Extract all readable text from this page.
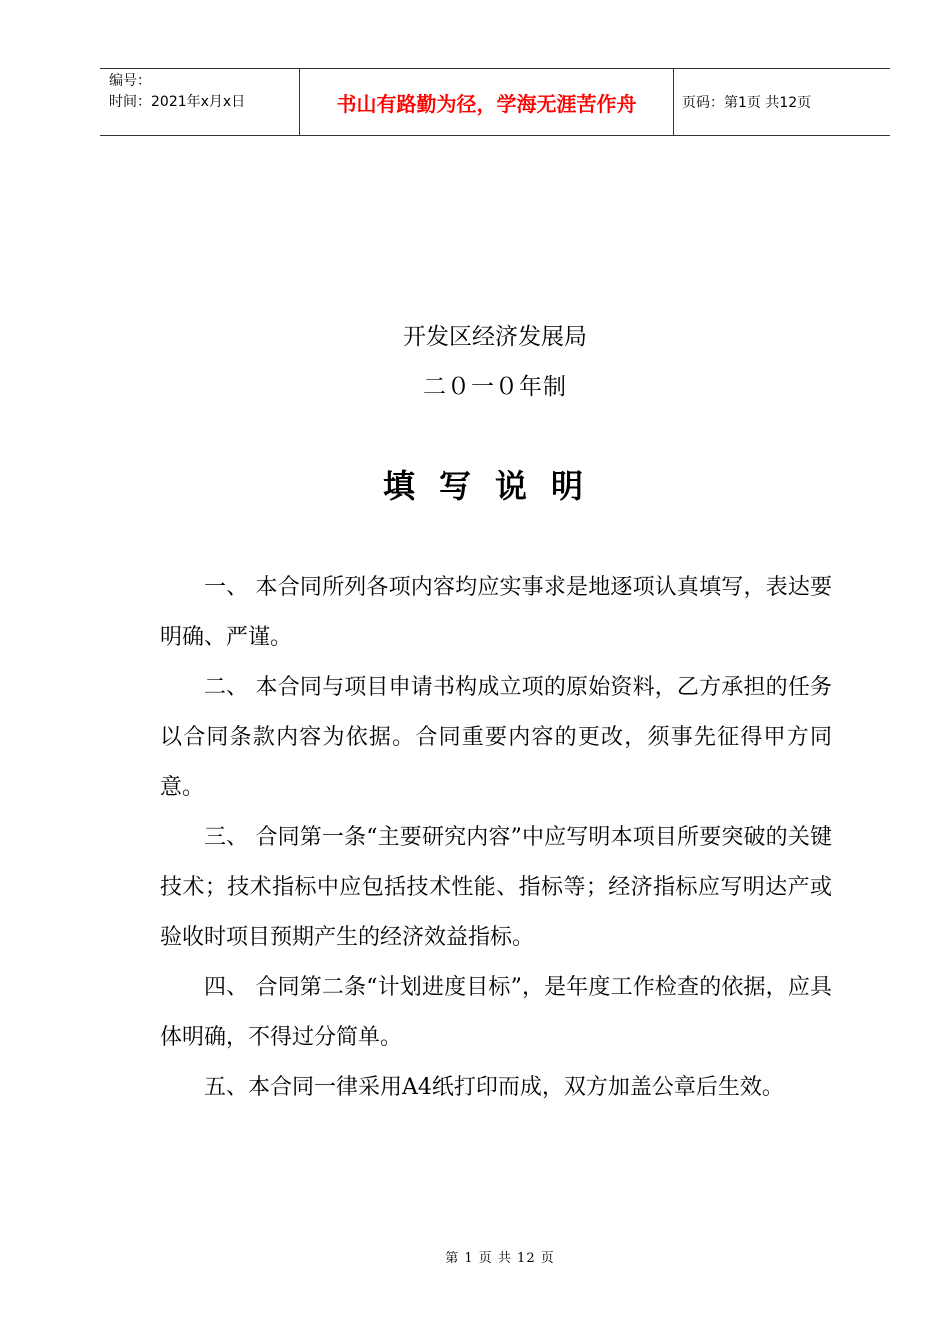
编号：
时间：2021年x月x日	书山有路勤为径，学海无涯苦作舟	页码：第1页 共12页
开发区经济发展局
二０一０年制
填写说明

一、 本合同所列各项内容均应实事求是地逐项认真填写，表达要明确、严谨。

二、 本合同与项目申请书构成立项的原始资料，乙方承担的任务以合同条款内容为依据。合同重要内容的更改，须事先征得甲方同意。

三、 合同第一条“主要研究内容”中应写明本项目所要突破的关键技术；技术指标中应包括技术性能、指标等；经济指标应写明达产或验收时项目预期产生的经济效益指标。

四、 合同第二条“计划进度目标”，是年度工作检查的依据，应具体明确，不得过分简单。

五、本合同一律采用A4纸打印而成，双方加盖公章后生效。

第 1 页 共 12 页
